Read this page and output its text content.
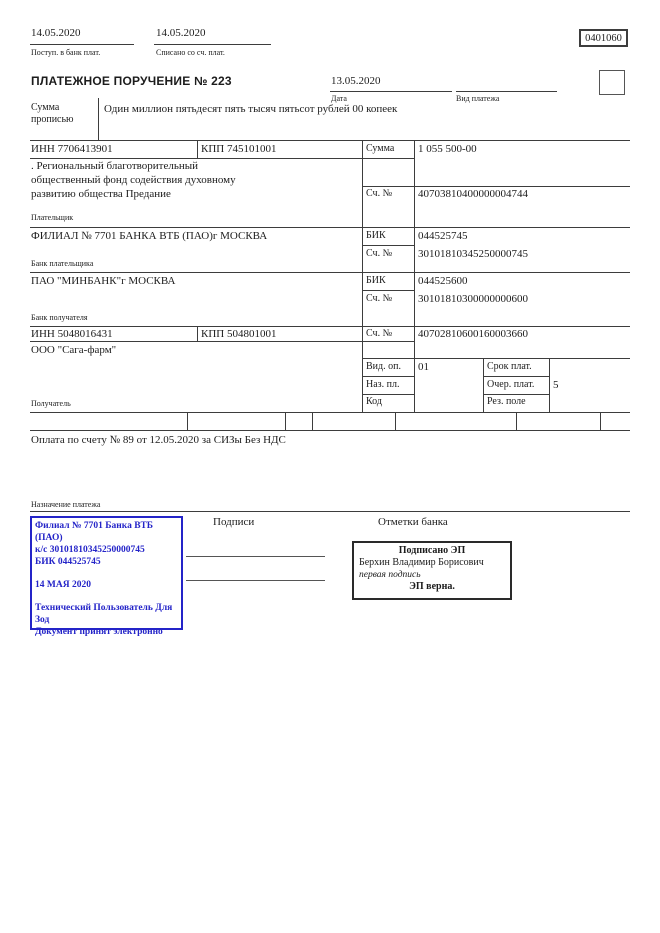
14.05.2020
Поступ. в банк плат.
14.05.2020
Списано со сч. плат.
0401060
ПЛАТЕЖНОЕ ПОРУЧЕНИЕ № 223	13.05.2020
Дата	Вид платежа
Сумма прописью
Один миллион пятьдесят пять тысяч пятьсот рублей 00 копеек
ИНН 7706413901	КПП 745101001
. Региональный благотворительный
общественный фонд содействия духовному
развитию общества Предание
Плательщик
Сумма 1 055 500-00
Сч. № 40703810400000004744
ФИЛИАЛ № 7701 БАНКА ВТБ (ПАО)г МОСКВА
Банк плательщика
БИК	044525745
Сч. № 30101810345250000745
ПАО "МИНБАНК"г МОСКВА
Банк получателя
БИК	044525600
Сч. № 30101810300000000600
ИНН 5048016431	КПП 504801001
ООО "Сага-фарм"
Получатель
Сч. № 40702810600160003660
Вид. оп. 01
Наз. пл.
Код
Срок плат.
Очер. плат. 5
Рез. поле
Оплата по счету № 89 от 12.05.2020 за СИЗы Без НДС
Назначение платежа
Подписи	Отметки банка

Филиал № 7701 Банка ВТБ (ПАО)

к/с 30101810345250000745

БИК 044525745

14 МАЯ 2020

Технический Пользователь Для

Зод

Документ принят электронно

Подписано ЭП
Берхин Владимир Борисович
первая подпись
ЭП верна.
